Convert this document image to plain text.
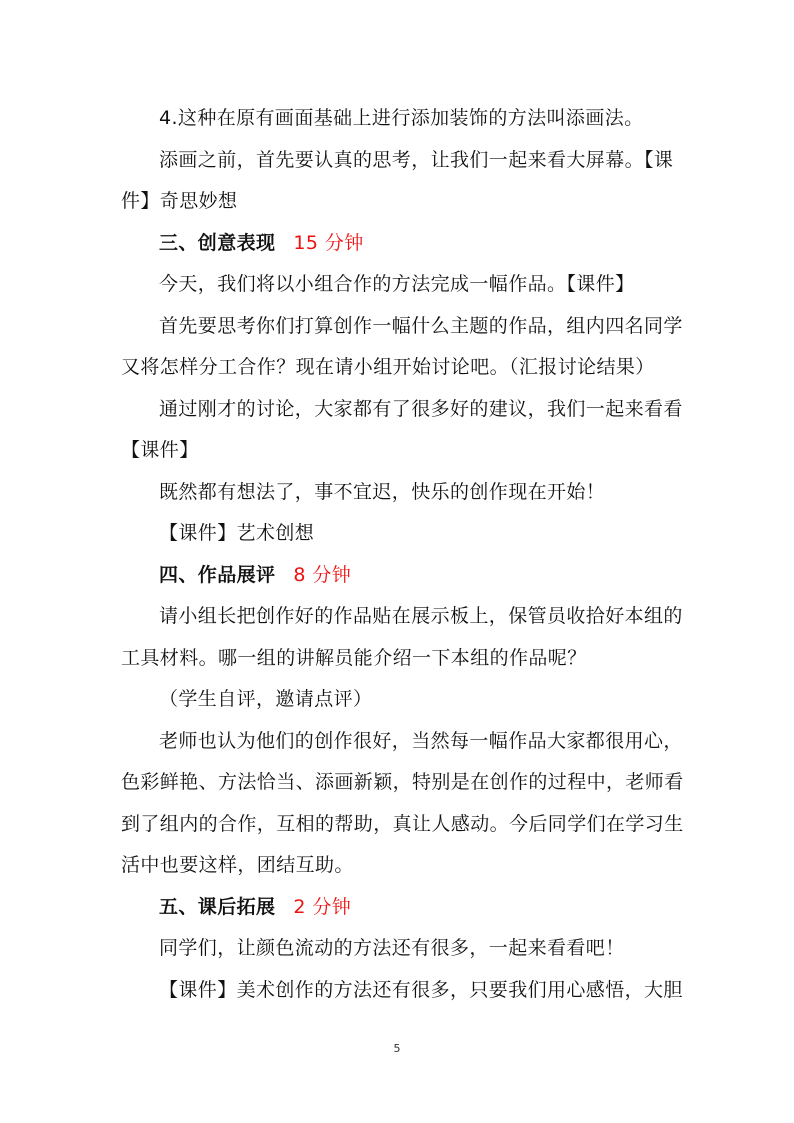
4.这种在原有画面基础上进行添加装饰的方法叫添画法。
添画之前，首先要认真的思考，让我们一起来看大屏幕。【课
件】奇思妙想
三、创意表现 15 分钟
今天，我们将以小组合作的方法完成一幅作品。【课件】
首先要思考你们打算创作一幅什么主题的作品，组内四名同学
又将怎样分工合作？现在请小组开始讨论吧。（汇报讨论结果）
通过刚才的讨论，大家都有了很多好的建议，我们一起来看看
【课件】
既然都有想法了，事不宜迟，快乐的创作现在开始！
【课件】艺术创想
四、作品展评 8 分钟
请小组长把创作好的作品贴在展示板上，保管员收拾好本组的
工具材料。哪一组的讲解员能介绍一下本组的作品呢？
（学生自评，邀请点评）
老师也认为他们的创作很好，当然每一幅作品大家都很用心，
色彩鲜艳、方法恰当、添画新颖，特别是在创作的过程中，老师看
到了组内的合作，互相的帮助，真让人感动。今后同学们在学习生
活中也要这样，团结互助。
五、课后拓展 2 分钟
同学们，让颜色流动的方法还有很多，一起来看看吧！
【课件】美术创作的方法还有很多，只要我们用心感悟，大胆
5
